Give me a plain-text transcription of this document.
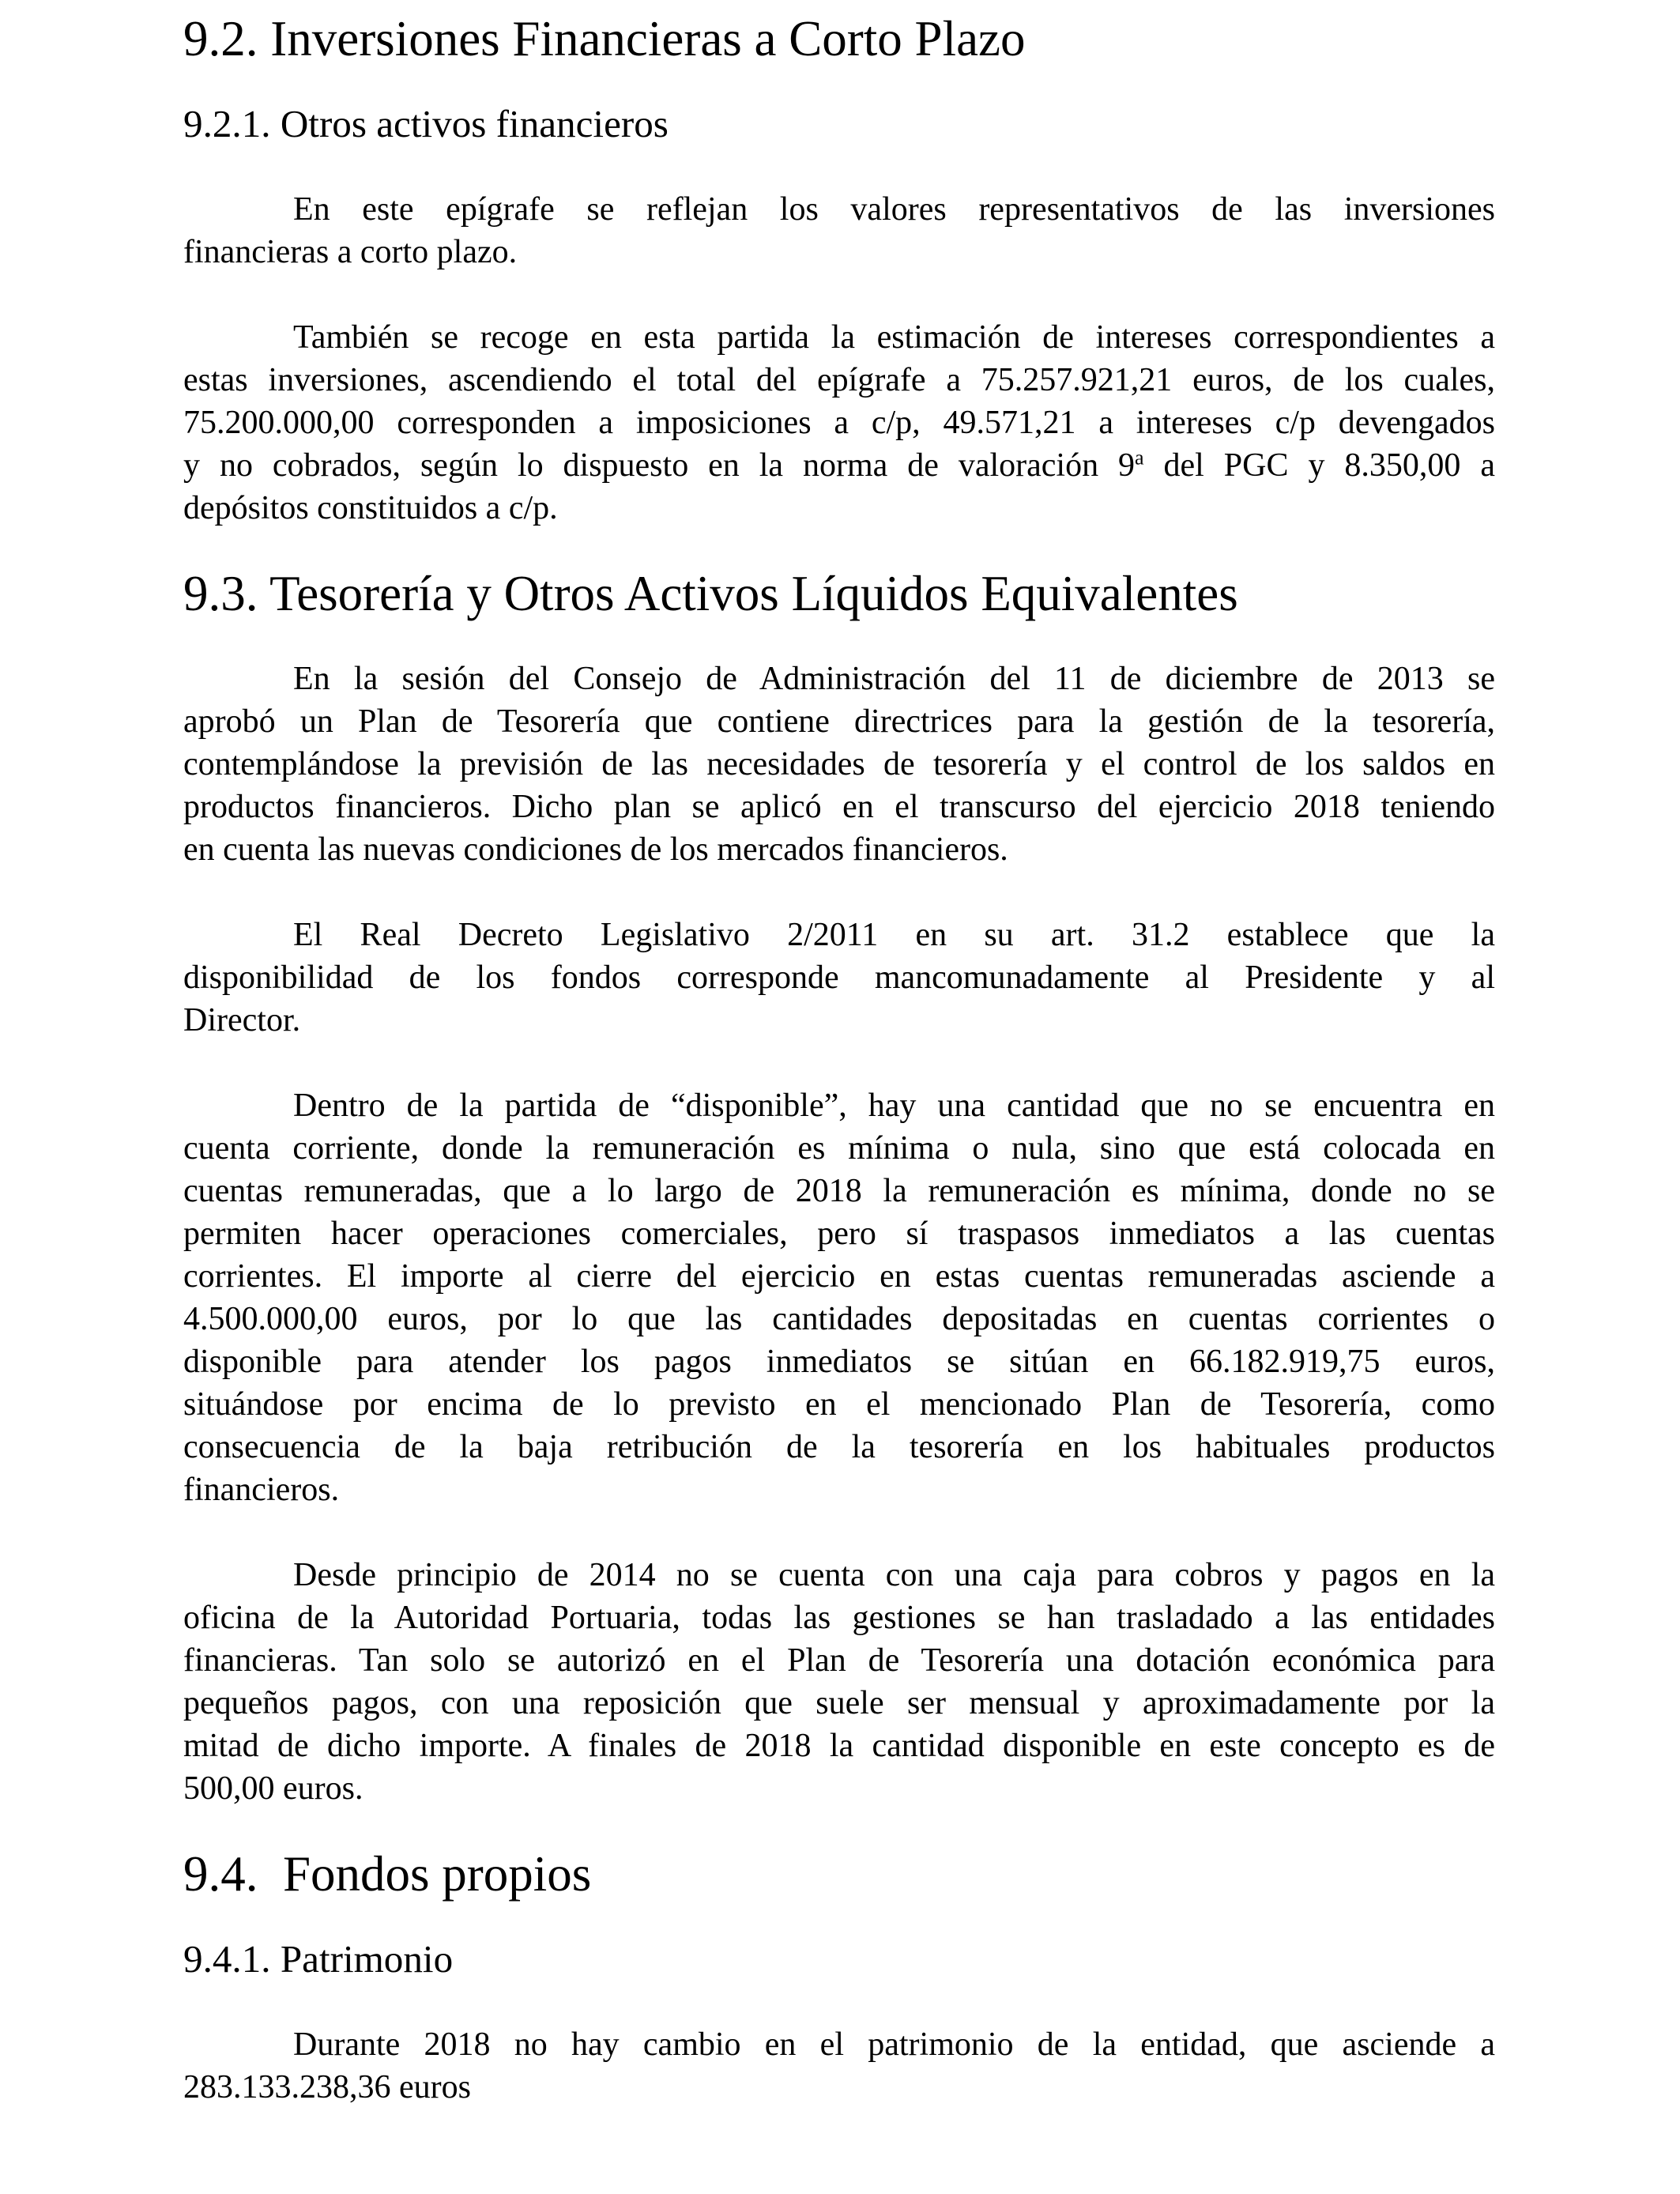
9.2. Inversiones Financieras a Corto Plazo
9.2.1. Otros activos financieros

En este epígrafe se reflejan los valores representativos de las inversiones
financieras a corto plazo.

También se recoge en esta partida la estimación de intereses correspondientes a
estas inversiones, ascendiendo el total del epígrafe a 75.257.921,21 euros, de los cuales,
75.200.000,00 corresponden a imposiciones a c/p, 49.571,21 a intereses c/p devengados
y no cobrados, según lo dispuesto en la norma de valoración 9$^a$ del PGC y 8.350,00 a
depósitos constituidos a c/p.

9.3. Tesorería y Otros Activos Líquidos Equivalentes

En la sesión del Consejo de Administración del 11 de diciembre de 2013 se
aprobó un Plan de Tesorería que contiene directrices para la gestión de la tesorería,
contemplándose la previsión de las necesidades de tesorería y el control de los saldos en
productos financieros. Dicho plan se aplicó en el transcurso del ejercicio 2018 teniendo
en cuenta las nuevas condiciones de los mercados financieros.

El Real Decreto Legislativo 2/2011 en su art. 31.2 establece que la
disponibilidad de los fondos corresponde mancomunadamente al Presidente y al
Director.

Dentro de la partida de “disponible”, hay una cantidad que no se encuentra en
cuenta corriente, donde la remuneración es mínima o nula, sino que está colocada en
cuentas remuneradas, que a lo largo de 2018 la remuneración es mínima, donde no se
permiten hacer operaciones comerciales, pero sí traspasos inmediatos a las cuentas
corrientes. El importe al cierre del ejercicio en estas cuentas remuneradas asciende a
4.500.000,00 euros, por lo que las cantidades depositadas en cuentas corrientes o
disponible para atender los pagos inmediatos se sitúan en 66.182.919,75 euros,
situándose por encima de lo previsto en el mencionado Plan de Tesorería, como
consecuencia de la baja retribución de la tesorería en los habituales productos
financieros.

Desde principio de 2014 no se cuenta con una caja para cobros y pagos en la
oficina de la Autoridad Portuaria, todas las gestiones se han trasladado a las entidades
financieras. Tan solo se autorizó en el Plan de Tesorería una dotación económica para
pequeños pagos, con una reposición que suele ser mensual y aproximadamente por la
mitad de dicho importe. A finales de 2018 la cantidad disponible en este concepto es de
500,00 euros.

9.4.  Fondos propios
9.4.1. Patrimonio

Durante 2018 no hay cambio en el patrimonio de la entidad, que asciende a
283.133.238,36 euros
